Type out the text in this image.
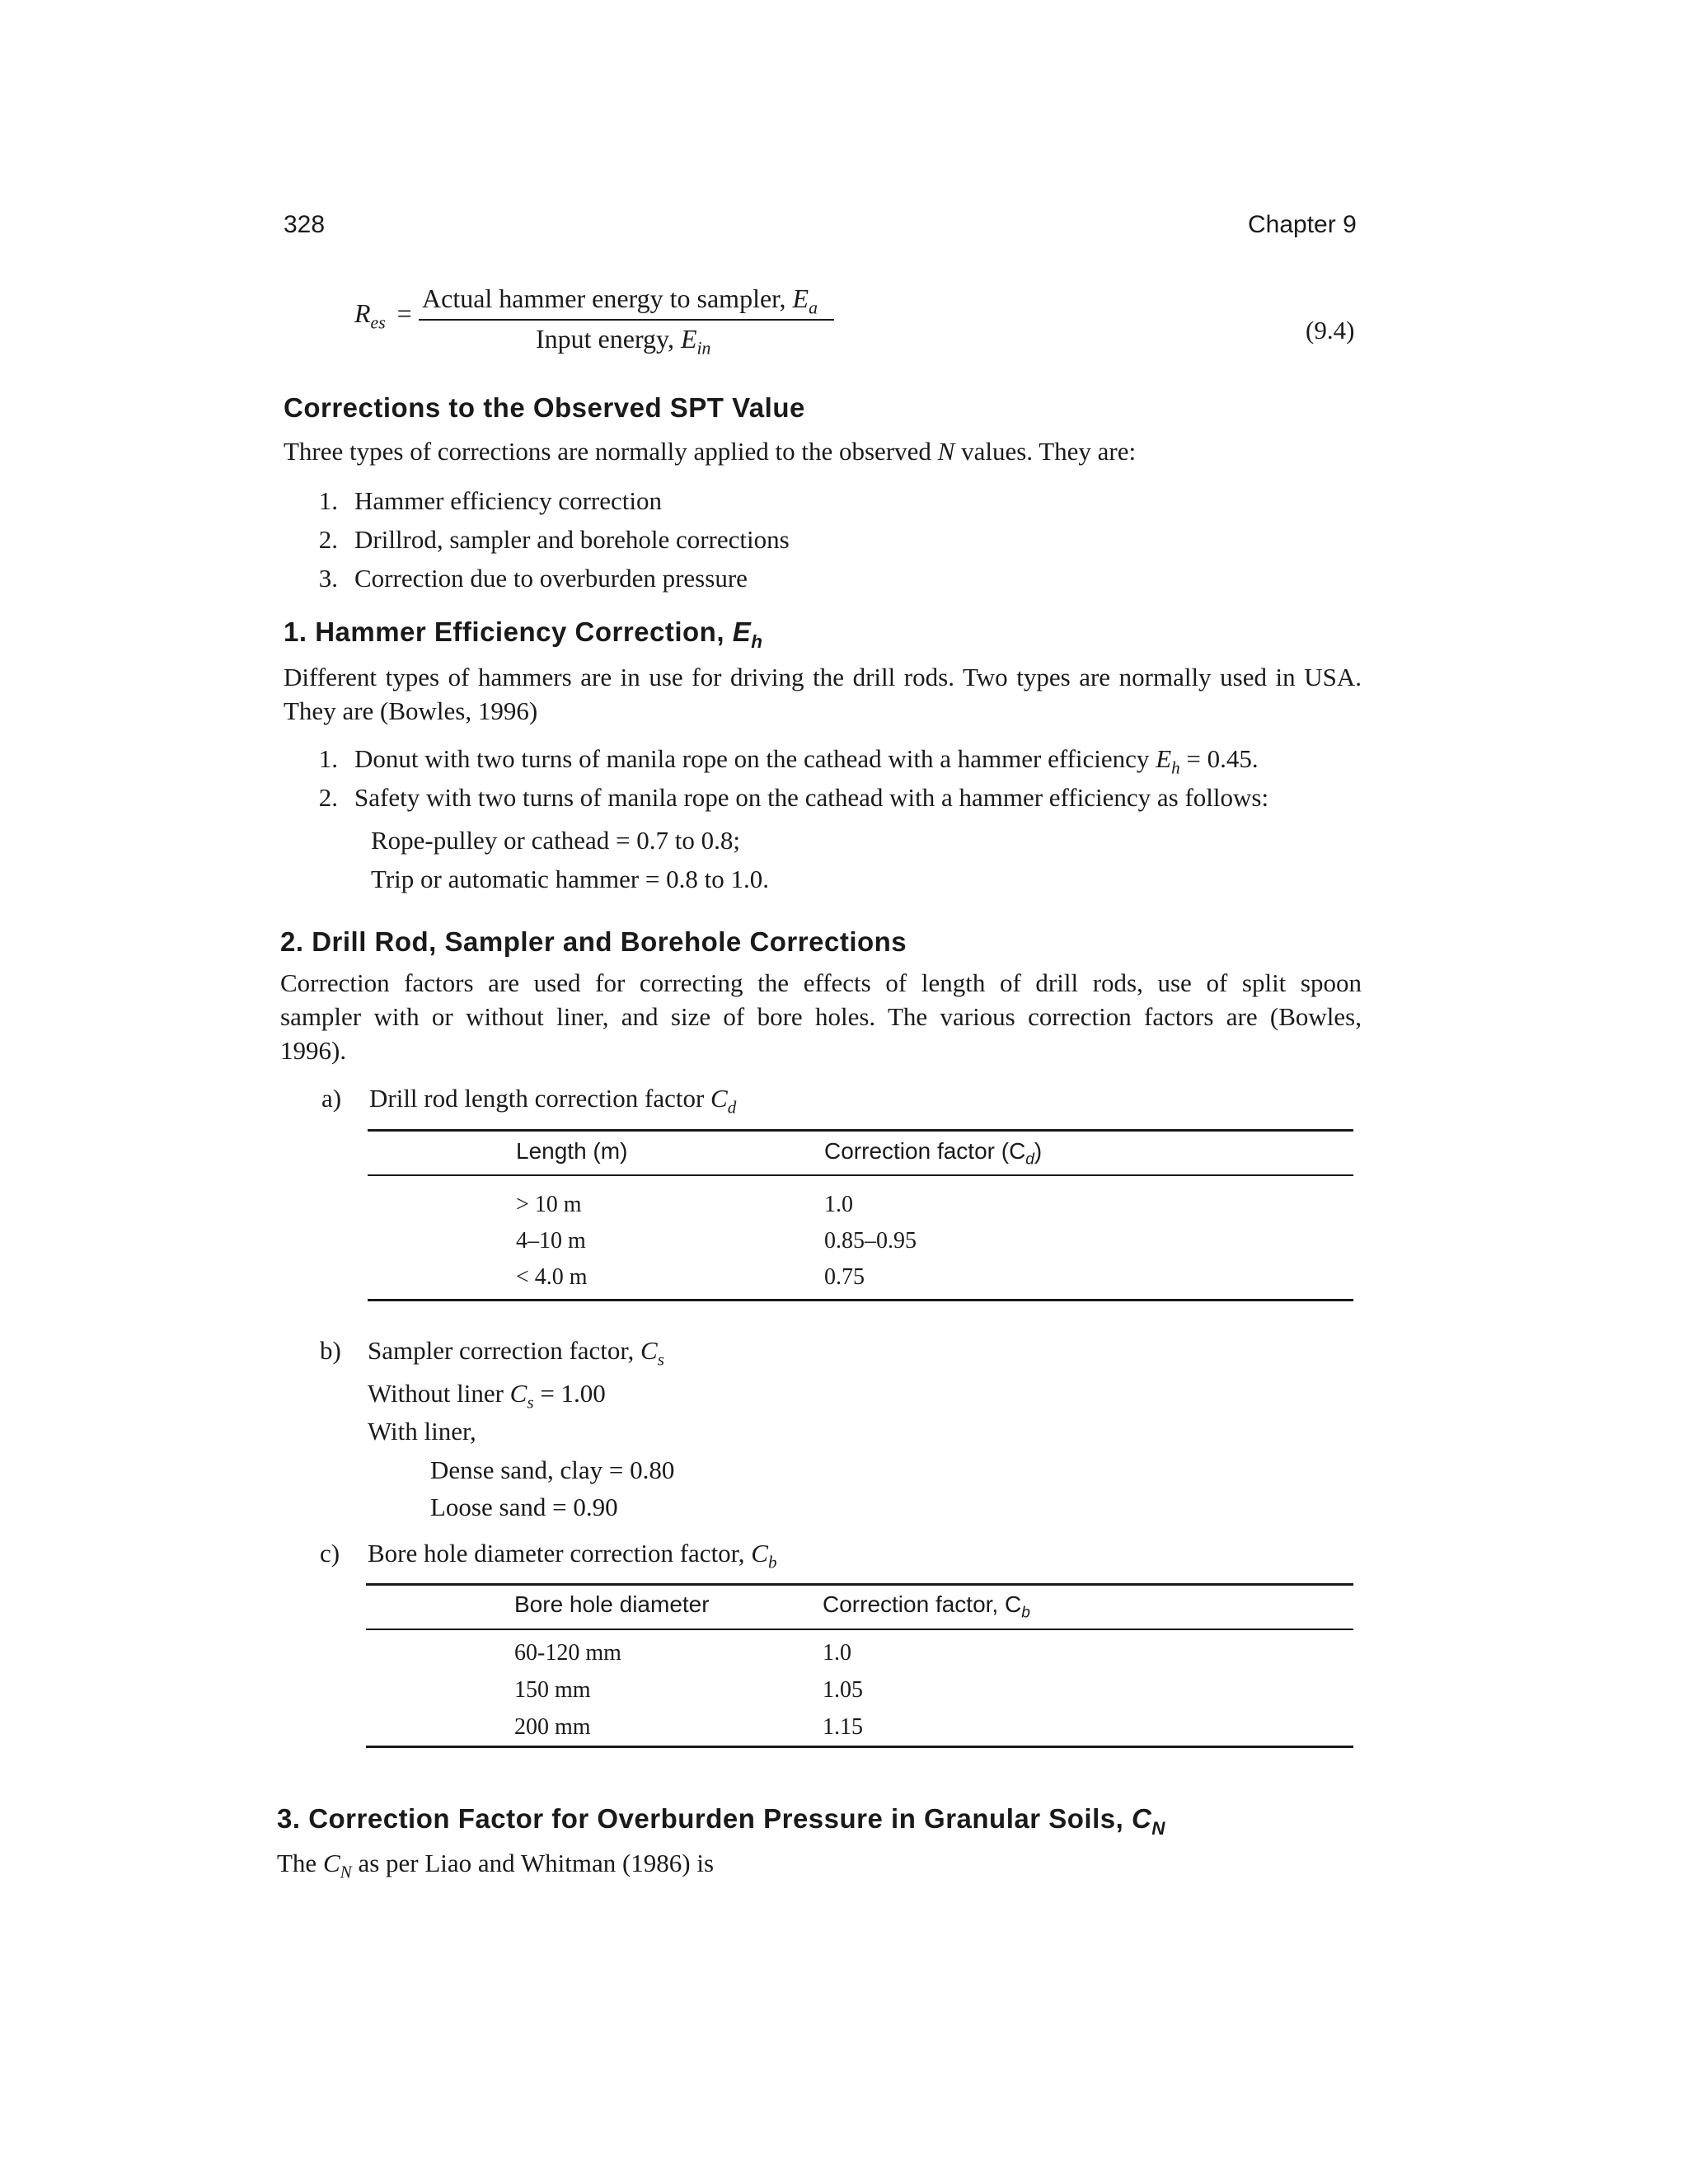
328	Chapter 9
$R_{es}$ = Actual hammer energy to sampler, $E_a$
Input energy, $E_{in}$
(9.4)
Corrections to the Observed SPT Value
Three types of corrections are normally applied to the observed N values. They are:
1. Hammer efficiency correction
2. Drillrod, sampler and borehole corrections
3. Correction due to overburden pressure
1. Hammer Efficiency Correction, $E_h$
Different types of hammers are in use for driving the drill rods. Two types are normally used in USA. They are (Bowles, 1996)
1. Donut with two turns of manila rope on the cathead with a hammer efficiency $E_h = 0.45$.
2. Safety with two turns of manila rope on the cathead with a hammer efficiency as follows:
Rope-pulley or cathead = 0.7 to 0.8;
Trip or automatic hammer = 0.8 to 1.0.
2. Drill Rod, Sampler and Borehole Corrections
Correction factors are used for correcting the effects of length of drill rods, use of split spoon
sampler with or without liner, and size of bore holes. The various correction factors are (Bowles,
1996).
a) Drill rod length correction factor $C_d$
Length (m)	Correction factor $(C_d)$
> 10 m	1.0
4–10 m	0.85–0.95
< 4.0 m	0.75
b) Sampler correction factor, $C_s$
Without liner $C_s = 1.00$
With liner,
Dense sand, clay = 0.80
Loose sand = 0.90
c) Bore hole diameter correction factor, $C_b$
Bore hole diameter	Correction factor, $C_b$
60-120 mm	1.0
150 mm	1.05
200 mm	1.15
3. Correction Factor for Overburden Pressure in Granular Soils, $C_N$
The $C_N$ as per Liao and Whitman (1986) is
